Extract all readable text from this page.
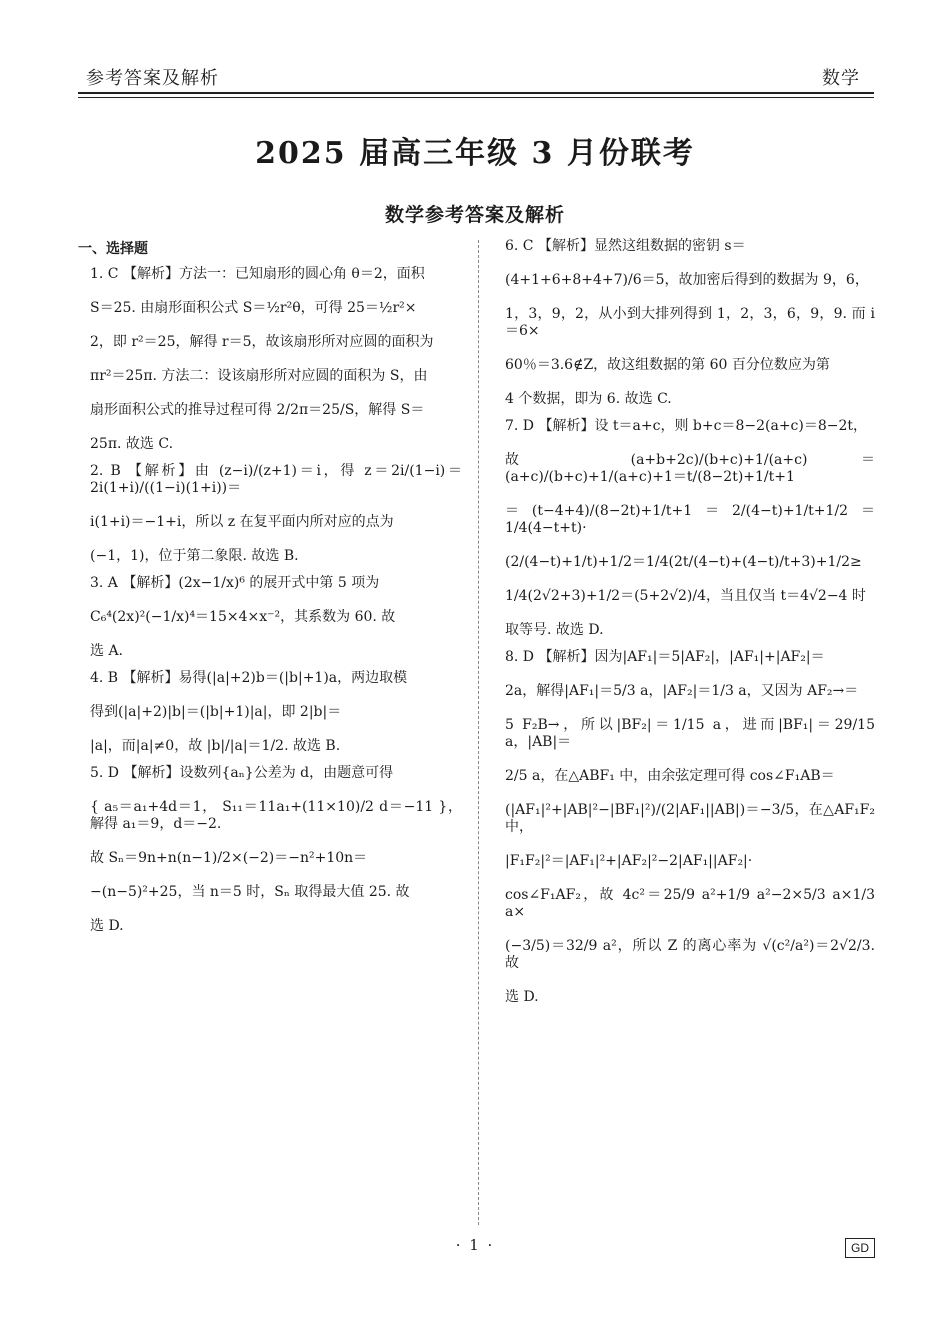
参考答案及解析	数学
2025 届高三年级 3 月份联考
数学参考答案及解析
一、选择题
1. C 【解析】方法一：已知扇形的圆心角 θ＝2，面积
S＝25. 由扇形面积公式 S＝½r²θ，可得 25＝½r²×
2，即 r²＝25，解得 r＝5，故该扇形所对应圆的面积为
πr²＝25π. 方法二：设该扇形所对应圆的面积为 S，由
扇形面积公式的推导过程可得 2/2π＝25/S，解得 S＝
25π. 故选 C.
2. B 【解析】由 (z−i)/(z+1)＝i，得 z＝2i/(1−i)＝2i(1+i)/((1−i)(1+i))＝
i(1+i)＝−1+i，所以 z 在复平面内所对应的点为
(−1，1)，位于第二象限. 故选 B.
3. A 【解析】(2x−1/x)⁶ 的展开式中第 5 项为
C₆⁴(2x)²(−1/x)⁴＝15×4×x⁻²，其系数为 60. 故
选 A.
4. B 【解析】易得(|a|+2)b＝(|b|+1)a，两边取模
得到(|a|+2)|b|＝(|b|+1)|a|，即 2|b|＝
|a|，而|a|≠0，故 |b|/|a|＝1/2. 故选 B.
5. D 【解析】设数列{aₙ}公差为 d，由题意可得
{ a₅＝a₁+4d＝1， S₁₁＝11a₁+(11×10)/2 d＝−11 }，解得 a₁＝9，d＝−2.
故 Sₙ＝9n+n(n−1)/2×(−2)＝−n²+10n＝
−(n−5)²+25，当 n＝5 时，Sₙ 取得最大值 25. 故
选 D.
6. C 【解析】显然这组数据的密钥 s＝
(4+1+6+8+4+7)/6＝5，故加密后得到的数据为 9，6，
1，3，9，2，从小到大排列得到 1，2，3，6，9，9. 而 i＝6×
60％＝3.6∉Z，故这组数据的第 60 百分位数应为第
4 个数据，即为 6. 故选 C.
7. D 【解析】设 t＝a+c，则 b+c＝8−2(a+c)＝8−2t，
故 (a+b+2c)/(b+c)+1/(a+c)＝(a+c)/(b+c)+1/(a+c)+1＝t/(8−2t)+1/t+1
＝(t−4+4)/(8−2t)+1/t+1＝2/(4−t)+1/t+1/2＝1/4(4−t+t)·
(2/(4−t)+1/t)+1/2＝1/4(2t/(4−t)+(4−t)/t+3)+1/2≥
1/4(2√2+3)+1/2＝(5+2√2)/4，当且仅当 t＝4√2−4 时
取等号. 故选 D.
8. D 【解析】因为|AF₁|＝5|AF₂|，|AF₁|+|AF₂|＝
2a，解得|AF₁|＝5/3 a，|AF₂|＝1/3 a，又因为 AF₂→＝
5 F₂B→，所以|BF₂|＝1/15 a，进而|BF₁|＝29/15 a，|AB|＝
2/5 a，在△ABF₁ 中，由余弦定理可得 cos∠F₁AB＝
(|AF₁|²+|AB|²−|BF₁|²)/(2|AF₁||AB|)＝−3/5，在△AF₁F₂ 中，
|F₁F₂|²＝|AF₁|²+|AF₂|²−2|AF₁||AF₂|·
cos∠F₁AF₂，故 4c²＝25/9 a²+1/9 a²−2×5/3 a×1/3 a×
(−3/5)＝32/9 a²，所以 Z 的离心率为 √(c²/a²)＝2√2/3. 故
选 D.
· 1 ·	GD
